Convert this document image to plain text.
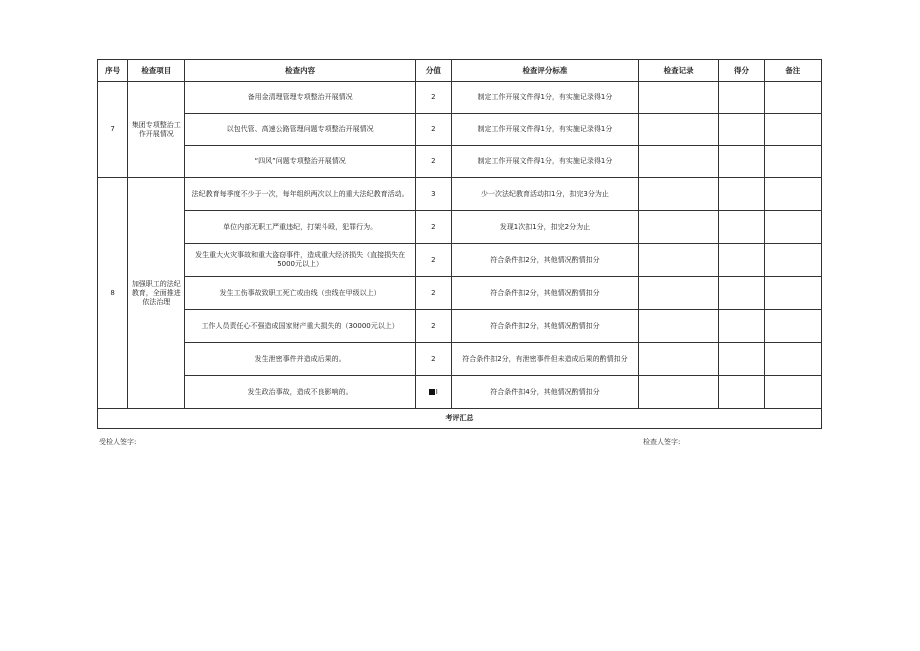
序号	检查项目	检查内容	分值	检查评分标准	检查记录	得分	备注
7	集团专项整治工作开展情况	备用金清理管理专项整治开展情况	2	制定工作开展文件得1分，有实施记录得1分			
		以包代管、高速公路管理问题专项整治开展情况	2	制定工作开展文件得1分，有实施记录得1分			
		“四风”问题专项整治开展情况	2	制定工作开展文件得1分，有实施记录得1分			
8	加强职工的法纪教育，全面推进依法治理	法纪教育每季度不少于一次，每年组织两次以上的重大法纪教育活动。	3	少一次法纪教育活动扣1分，扣完3分为止			
		单位内部无职工严重违纪，打架斗殴，犯罪行为。	2	发现1次扣1分，扣完2分为止			
		发生重大火灾事故和重大盗窃事件，造成重大经济损失（直接损失在5000元以上）	2	符合条件扣2分，其他情况酌情扣分			
		发生工伤事故致职工死亡或由线（虫线在甲级以上）	2	符合条件扣2分，其他情况酌情扣分			
		工作人员责任心不强造成国家财产重大损失的（30000元以上）	2	符合条件扣2分，其他情况酌情扣分			
		发生泄密事件并造成后果的。	2	符合条件扣2分，有泄密事件但未造成后果的酌情扣分			
		发生政治事故，造成不良影响的。	I	符合条件扣4分，其他情况酌情扣分			
考评汇总							
受检人签字:	检查人签字:
